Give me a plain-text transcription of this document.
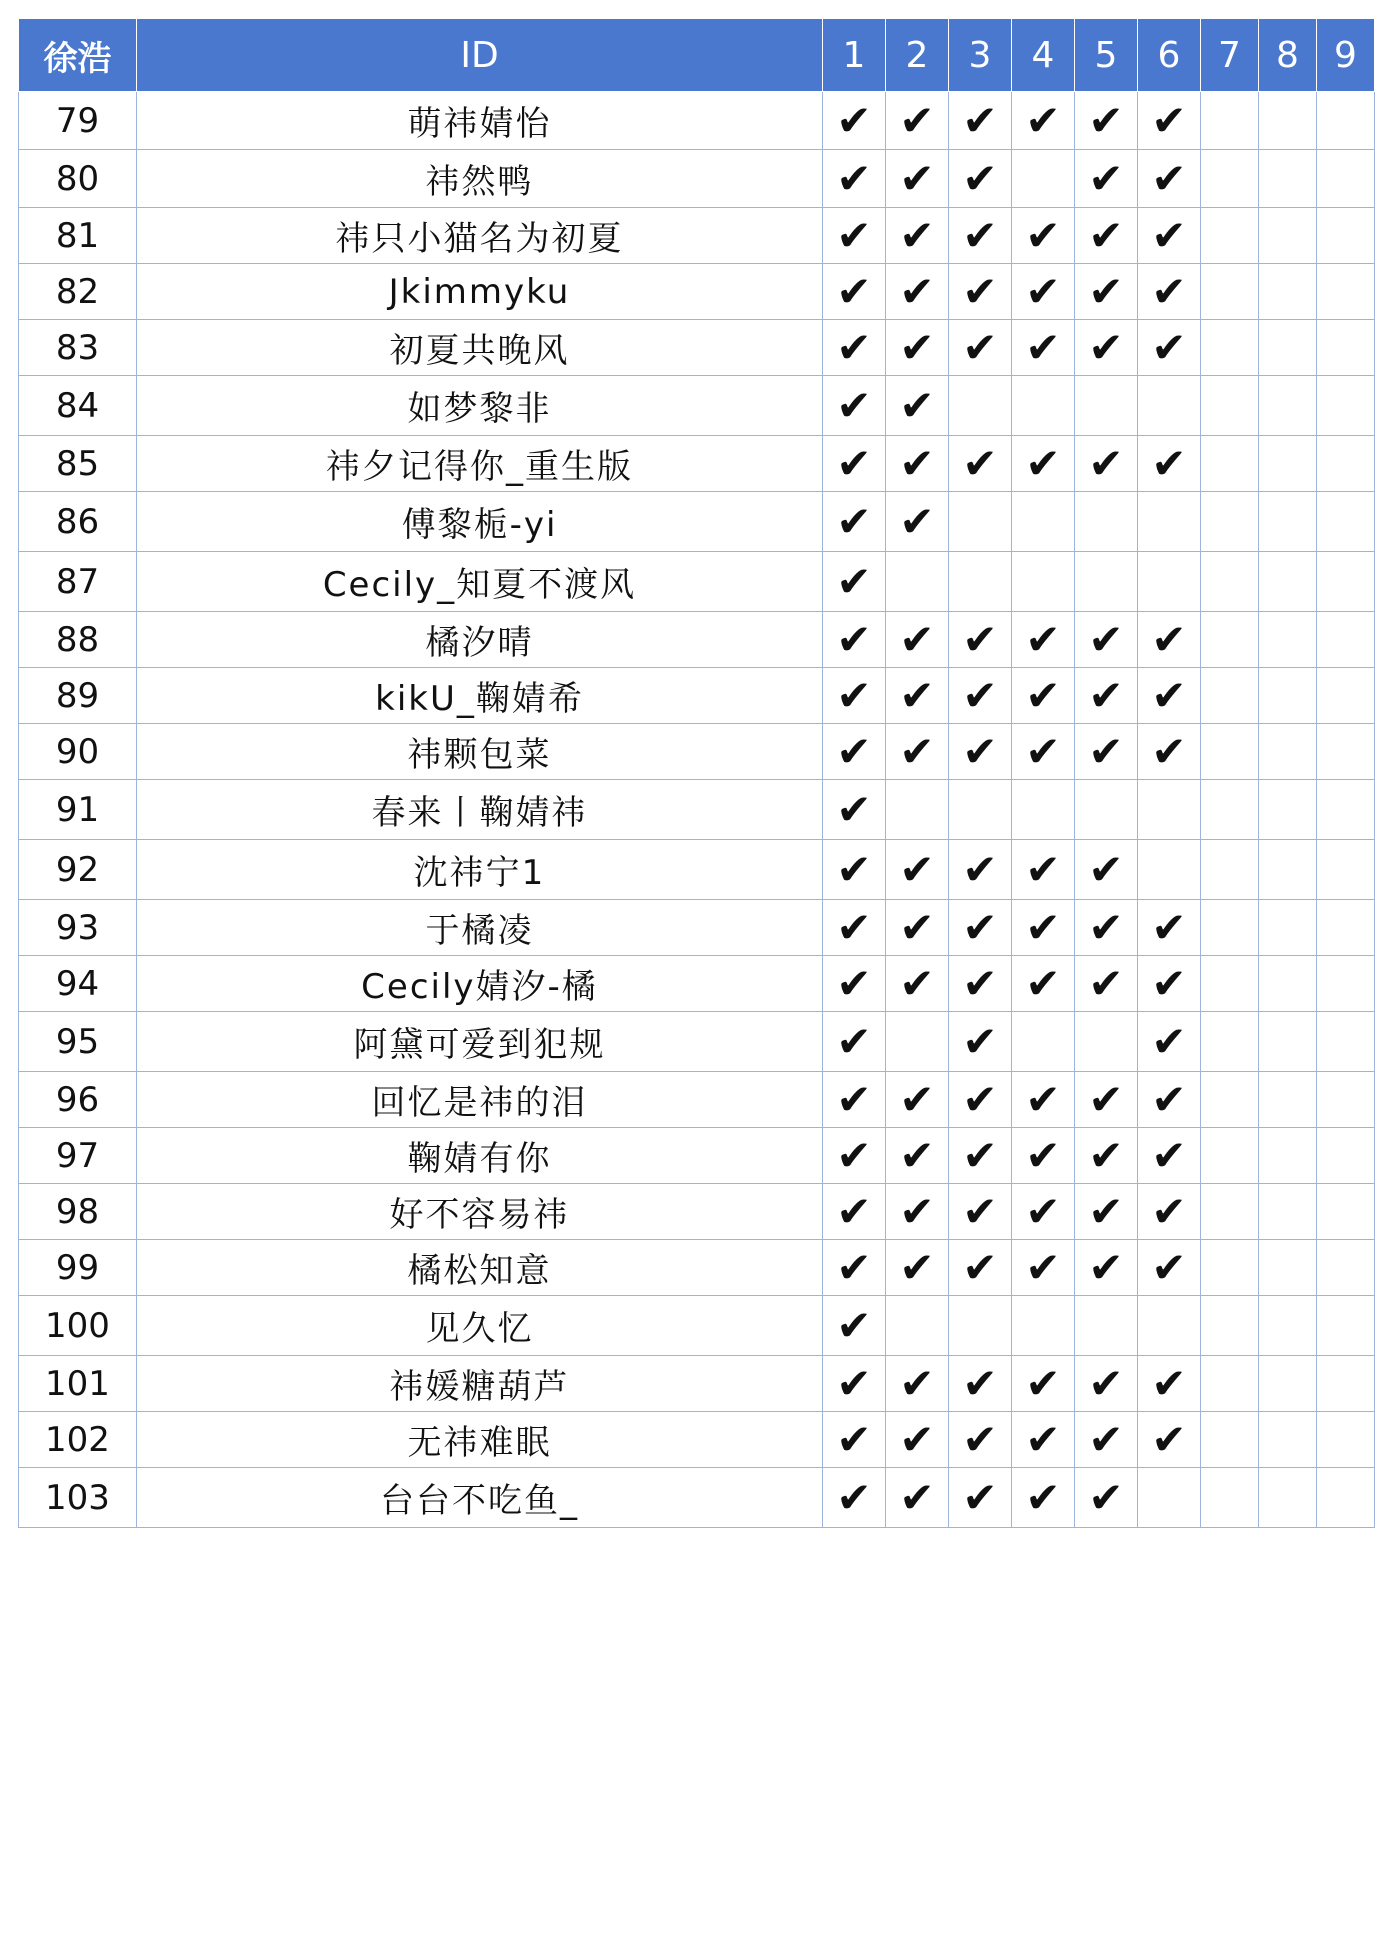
徐浩	ID	1	2	3	4	5	6	7	8	9
79	萌祎婧怡	✔	✔	✔	✔	✔	✔			
80	祎然鸭	✔	✔	✔		✔	✔			
81	祎只小猫名为初夏	✔	✔	✔	✔	✔	✔			
82	Jkimmyku	✔	✔	✔	✔	✔	✔			
83	初夏共晚风	✔	✔	✔	✔	✔	✔			
84	如梦黎非	✔	✔							
85	祎夕记得你_重生版	✔	✔	✔	✔	✔	✔			
86	傅黎栀-yi	✔	✔							
87	Cecily_知夏不渡风	✔								
88	橘汐晴	✔	✔	✔	✔	✔	✔			
89	kikU_鞠婧希	✔	✔	✔	✔	✔	✔			
90	祎颗包菜	✔	✔	✔	✔	✔	✔			
91	春来丨鞠婧祎	✔								
92	沈祎宁1	✔	✔	✔	✔	✔				
93	于橘凌	✔	✔	✔	✔	✔	✔			
94	Cecily婧汐-橘	✔	✔	✔	✔	✔	✔			
95	阿黛可爱到犯规	✔		✔			✔			
96	回忆是祎的泪	✔	✔	✔	✔	✔	✔			
97	鞠婧有你	✔	✔	✔	✔	✔	✔			
98	好不容易祎	✔	✔	✔	✔	✔	✔			
99	橘松知意	✔	✔	✔	✔	✔	✔			
100	见久忆	✔								
101	祎媛糖葫芦	✔	✔	✔	✔	✔	✔			
102	无祎难眠	✔	✔	✔	✔	✔	✔			
103	台台不吃鱼_	✔	✔	✔	✔	✔				
